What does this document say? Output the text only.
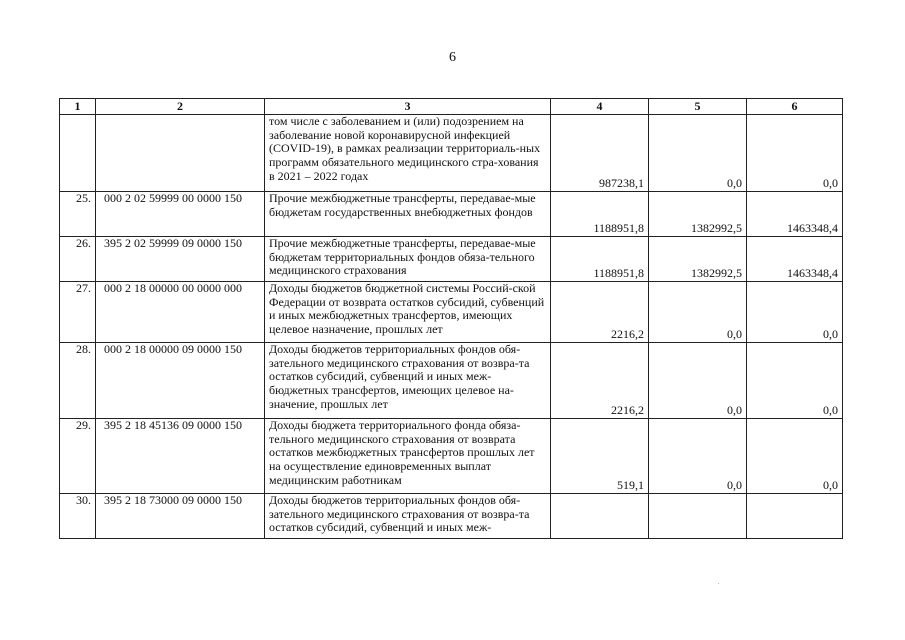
6
1	2	3	4	5	6
		том числе с заболеванием и (или) подозрением на заболевание новой коронавирусной инфекцией (COVID-19), в рамках реализации территориаль-ных программ обязательного медицинского стра-хования в 2021 – 2022 годах	987238,1	0,0	0,0
25.	000 2 02 59999 00 0000 150	Прочие межбюджетные трансферты, передавае-мые бюджетам государственных внебюджетных фондов	1188951,8	1382992,5	1463348,4
26.	395 2 02 59999 09 0000 150	Прочие межбюджетные трансферты, передавае-мые бюджетам территориальных фондов обяза-тельного медицинского страхования	1188951,8	1382992,5	1463348,4
27.	000 2 18 00000 00 0000 000	Доходы бюджетов бюджетной системы Россий-ской Федерации от возврата остатков субсидий, субвенций и иных межбюджетных трансфертов, имеющих целевое назначение, прошлых лет	2216,2	0,0	0,0
28.	000 2 18 00000 09 0000 150	Доходы бюджетов территориальных фондов обя-зательного медицинского страхования от возвра-та остатков субсидий, субвенций и иных меж-бюджетных трансфертов, имеющих целевое на-значение, прошлых лет	2216,2	0,0	0,0
29.	395 2 18 45136 09 0000 150	Доходы бюджета территориального фонда обяза-тельного медицинского страхования от возврата остатков межбюджетных трансфертов прошлых лет на осуществление единовременных выплат медицинским работникам	519,1	0,0	0,0
30.	395 2 18 73000 09 0000 150	Доходы бюджетов территориальных фондов обя-зательного медицинского страхования от возвра-та остатков субсидий, субвенций и иных меж-			
